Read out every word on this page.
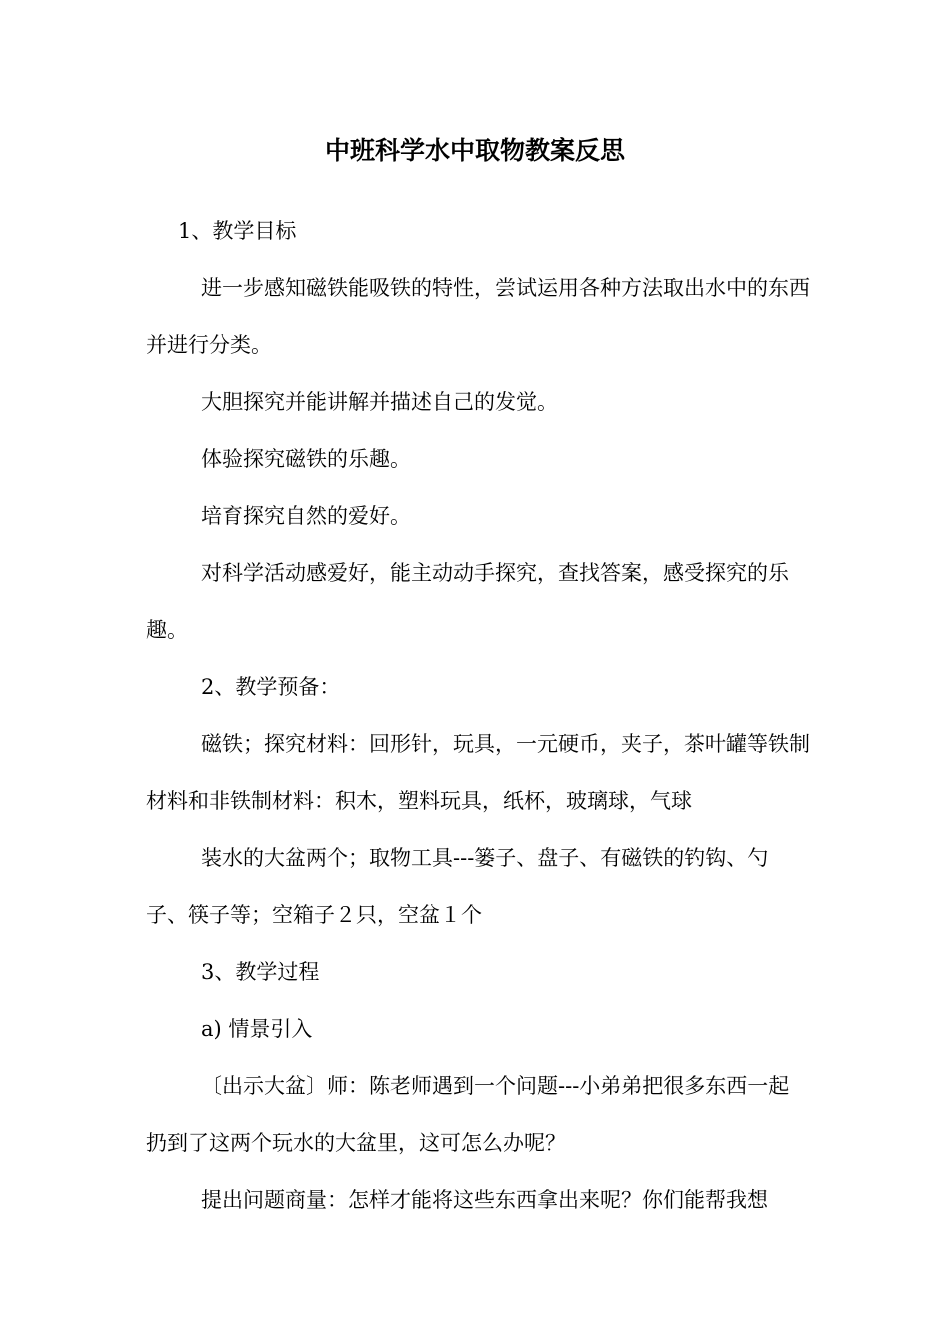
中班科学水中取物教案反思

1、教学目标

进一步感知磁铁能吸铁的特性，尝试运用各种方法取出水中的东西并进行分类。

大胆探究并能讲解并描述自己的发觉。

体验探究磁铁的乐趣。

培育探究自然的爱好。

对科学活动感爱好，能主动动手探究，查找答案，感受探究的乐趣。

2、教学预备：

磁铁；探究材料：回形针，玩具，一元硬币，夹子，茶叶罐等铁制材料和非铁制材料：积木，塑料玩具，纸杯，玻璃球，气球

装水的大盆两个；取物工具---篓子、盘子、有磁铁的钓钩、勺子、筷子等；空箱子２只，空盆１个

3、教学过程

a) 情景引入

〔出示大盆〕师：陈老师遇到一个问题---小弟弟把很多东西一起扔到了这两个玩水的大盆里，这可怎么办呢？

提出问题商量：怎样才能将这些东西拿出来呢？你们能帮我想
